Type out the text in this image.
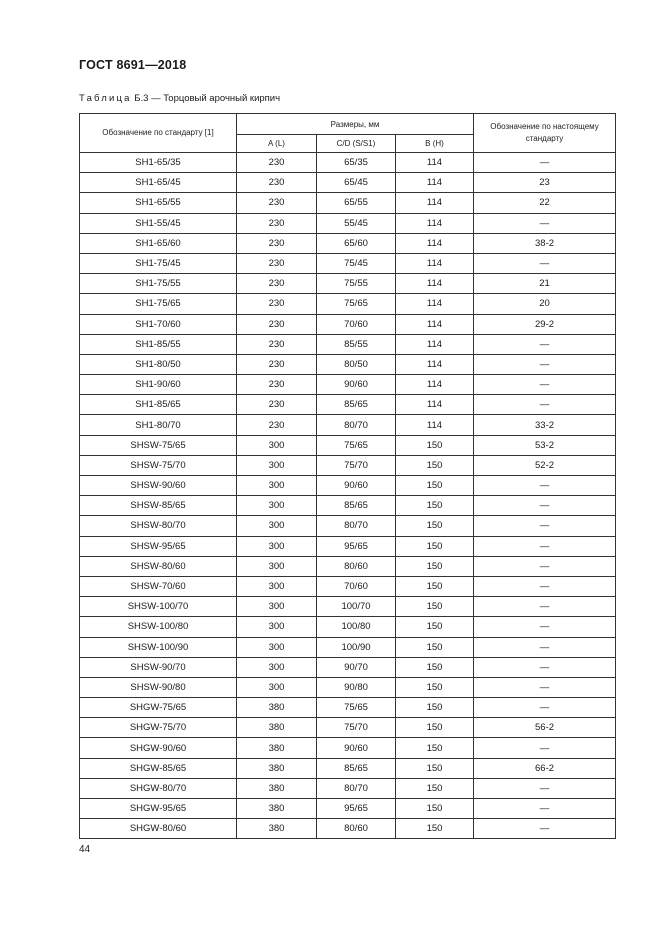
ГОСТ 8691—2018
Таблица Б.3 — Торцовый арочный кирпич
Обозначение по стандарту [1]	Размеры, мм			Обозначение по настоящему стандарту
	A (L)	C/D (S/S1)	B (H)	
SH1-65/35	230	65/35	114	—
SH1-65/45	230	65/45	114	23
SH1-65/55	230	65/55	114	22
SH1-55/45	230	55/45	114	—
SH1-65/60	230	65/60	114	38-2
SH1-75/45	230	75/45	114	—
SH1-75/55	230	75/55	114	21
SH1-75/65	230	75/65	114	20
SH1-70/60	230	70/60	114	29-2
SH1-85/55	230	85/55	114	—
SH1-80/50	230	80/50	114	—
SH1-90/60	230	90/60	114	—
SH1-85/65	230	85/65	114	—
SH1-80/70	230	80/70	114	33-2
SHSW-75/65	300	75/65	150	53-2
SHSW-75/70	300	75/70	150	52-2
SHSW-90/60	300	90/60	150	—
SHSW-85/65	300	85/65	150	—
SHSW-80/70	300	80/70	150	—
SHSW-95/65	300	95/65	150	—
SHSW-80/60	300	80/60	150	—
SHSW-70/60	300	70/60	150	—
SHSW-100/70	300	100/70	150	—
SHSW-100/80	300	100/80	150	—
SHSW-100/90	300	100/90	150	—
SHSW-90/70	300	90/70	150	—
SHSW-90/80	300	90/80	150	—
SHGW-75/65	380	75/65	150	—
SHGW-75/70	380	75/70	150	56-2
SHGW-90/60	380	90/60	150	—
SHGW-85/65	380	85/65	150	66-2
SHGW-80/70	380	80/70	150	—
SHGW-95/65	380	95/65	150	—
SHGW-80/60	380	80/60	150	—
44
